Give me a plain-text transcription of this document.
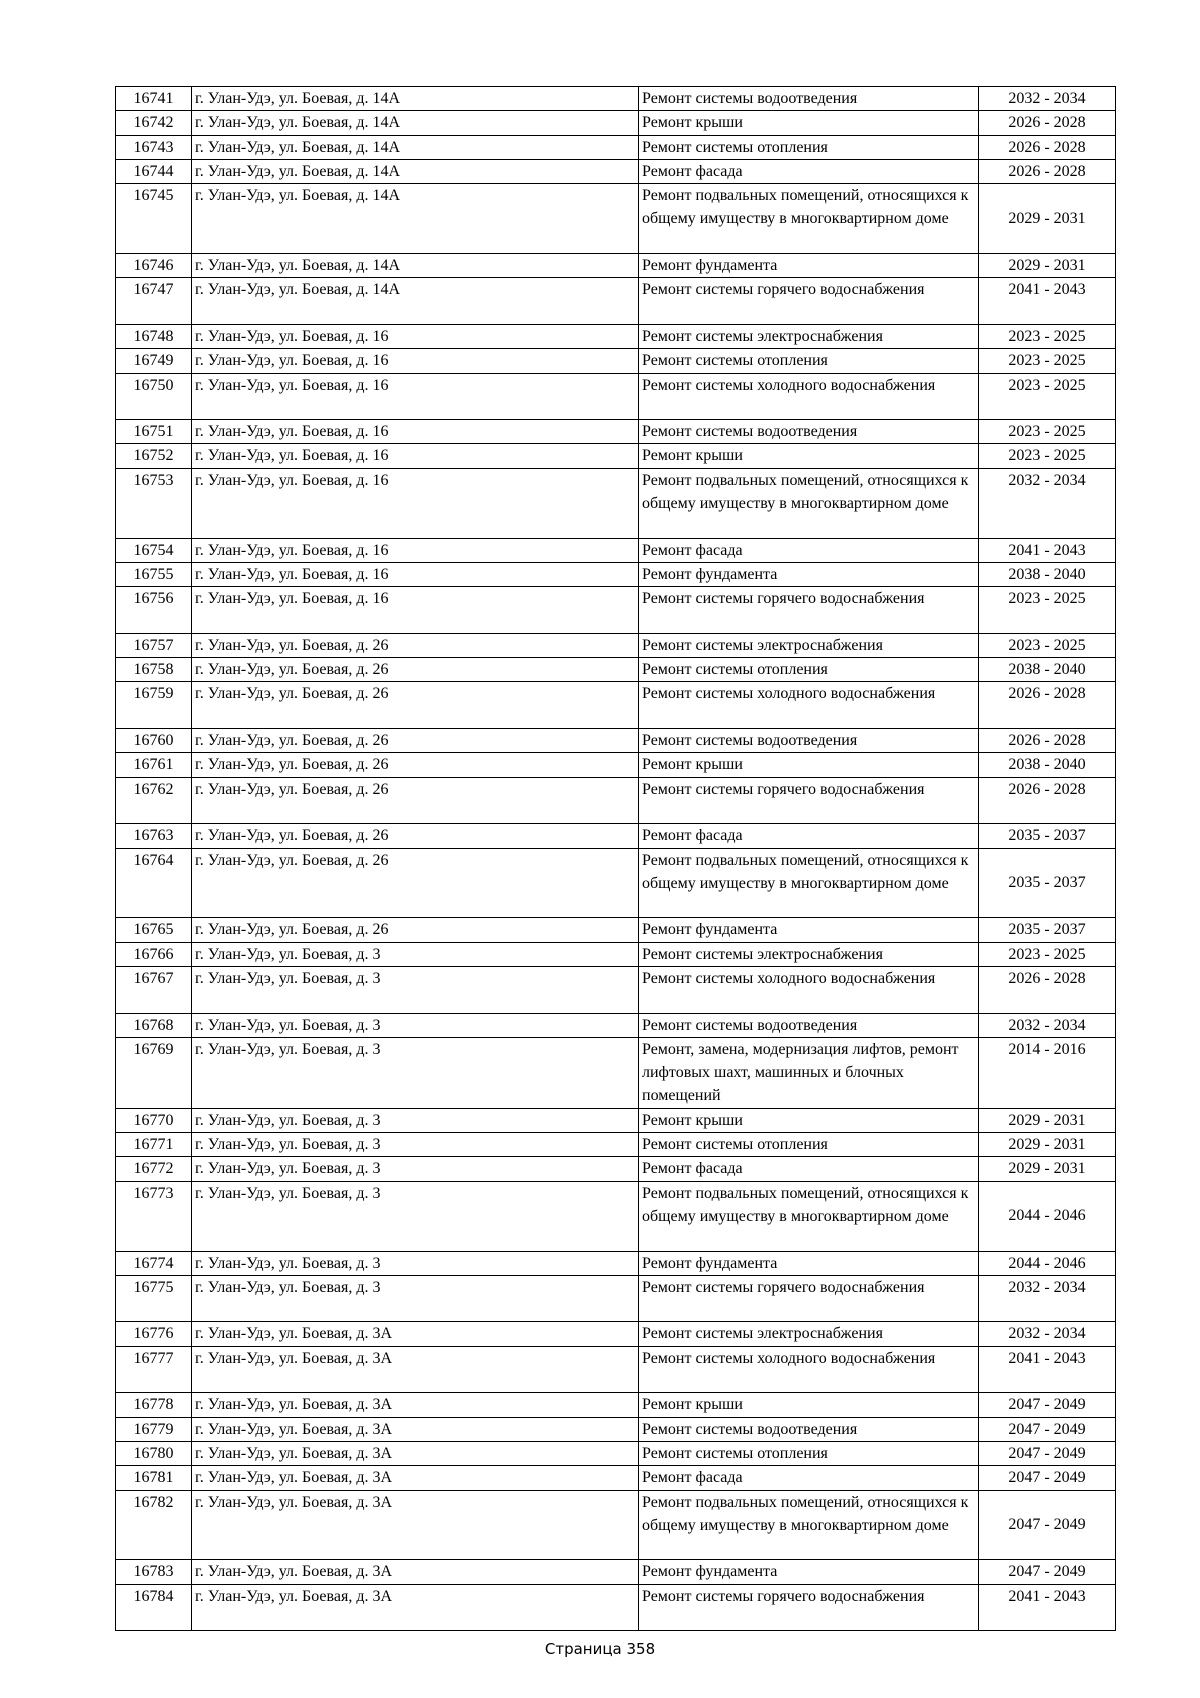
16741	г. Улан-Удэ, ул. Боевая, д. 14А	Ремонт системы водоотведения	2032 - 2034
16742	г. Улан-Удэ, ул. Боевая, д. 14А	Ремонт крыши	2026 - 2028
16743	г. Улан-Удэ, ул. Боевая, д. 14А	Ремонт системы отопления	2026 - 2028
16744	г. Улан-Удэ, ул. Боевая, д. 14А	Ремонт фасада	2026 - 2028
16745	г. Улан-Удэ, ул. Боевая, д. 14А	Ремонт подвальных помещений, относящихся к общему имуществу в многоквартирном доме	2029 - 2031
16746	г. Улан-Удэ, ул. Боевая, д. 14А	Ремонт фундамента	2029 - 2031
16747	г. Улан-Удэ, ул. Боевая, д. 14А	Ремонт системы горячего водоснабжения	2041 - 2043
16748	г. Улан-Удэ, ул. Боевая, д. 16	Ремонт системы электроснабжения	2023 - 2025
16749	г. Улан-Удэ, ул. Боевая, д. 16	Ремонт системы отопления	2023 - 2025
16750	г. Улан-Удэ, ул. Боевая, д. 16	Ремонт системы холодного водоснабжения	2023 - 2025
16751	г. Улан-Удэ, ул. Боевая, д. 16	Ремонт системы водоотведения	2023 - 2025
16752	г. Улан-Удэ, ул. Боевая, д. 16	Ремонт крыши	2023 - 2025
16753	г. Улан-Удэ, ул. Боевая, д. 16	Ремонт подвальных помещений, относящихся к общему имуществу в многоквартирном доме	2032 - 2034
16754	г. Улан-Удэ, ул. Боевая, д. 16	Ремонт фасада	2041 - 2043
16755	г. Улан-Удэ, ул. Боевая, д. 16	Ремонт фундамента	2038 - 2040
16756	г. Улан-Удэ, ул. Боевая, д. 16	Ремонт системы горячего водоснабжения	2023 - 2025
16757	г. Улан-Удэ, ул. Боевая, д. 26	Ремонт системы электроснабжения	2023 - 2025
16758	г. Улан-Удэ, ул. Боевая, д. 26	Ремонт системы отопления	2038 - 2040
16759	г. Улан-Удэ, ул. Боевая, д. 26	Ремонт системы холодного водоснабжения	2026 - 2028
16760	г. Улан-Удэ, ул. Боевая, д. 26	Ремонт системы водоотведения	2026 - 2028
16761	г. Улан-Удэ, ул. Боевая, д. 26	Ремонт крыши	2038 - 2040
16762	г. Улан-Удэ, ул. Боевая, д. 26	Ремонт системы горячего водоснабжения	2026 - 2028
16763	г. Улан-Удэ, ул. Боевая, д. 26	Ремонт фасада	2035 - 2037
16764	г. Улан-Удэ, ул. Боевая, д. 26	Ремонт подвальных помещений, относящихся к общему имуществу в многоквартирном доме	2035 - 2037
16765	г. Улан-Удэ, ул. Боевая, д. 26	Ремонт фундамента	2035 - 2037
16766	г. Улан-Удэ, ул. Боевая, д. 3	Ремонт системы электроснабжения	2023 - 2025
16767	г. Улан-Удэ, ул. Боевая, д. 3	Ремонт системы холодного водоснабжения	2026 - 2028
16768	г. Улан-Удэ, ул. Боевая, д. 3	Ремонт системы водоотведения	2032 - 2034
16769	г. Улан-Удэ, ул. Боевая, д. 3	Ремонт, замена, модернизация лифтов, ремонт лифтовых шахт, машинных и блочных помещений	2014 - 2016
16770	г. Улан-Удэ, ул. Боевая, д. 3	Ремонт крыши	2029 - 2031
16771	г. Улан-Удэ, ул. Боевая, д. 3	Ремонт системы отопления	2029 - 2031
16772	г. Улан-Удэ, ул. Боевая, д. 3	Ремонт фасада	2029 - 2031
16773	г. Улан-Удэ, ул. Боевая, д. 3	Ремонт подвальных помещений, относящихся к общему имуществу в многоквартирном доме	2044 - 2046
16774	г. Улан-Удэ, ул. Боевая, д. 3	Ремонт фундамента	2044 - 2046
16775	г. Улан-Удэ, ул. Боевая, д. 3	Ремонт системы горячего водоснабжения	2032 - 2034
16776	г. Улан-Удэ, ул. Боевая, д. 3А	Ремонт системы электроснабжения	2032 - 2034
16777	г. Улан-Удэ, ул. Боевая, д. 3А	Ремонт системы холодного водоснабжения	2041 - 2043
16778	г. Улан-Удэ, ул. Боевая, д. 3А	Ремонт крыши	2047 - 2049
16779	г. Улан-Удэ, ул. Боевая, д. 3А	Ремонт системы водоотведения	2047 - 2049
16780	г. Улан-Удэ, ул. Боевая, д. 3А	Ремонт системы отопления	2047 - 2049
16781	г. Улан-Удэ, ул. Боевая, д. 3А	Ремонт фасада	2047 - 2049
16782	г. Улан-Удэ, ул. Боевая, д. 3А	Ремонт подвальных помещений, относящихся к общему имуществу в многоквартирном доме	2047 - 2049
16783	г. Улан-Удэ, ул. Боевая, д. 3А	Ремонт фундамента	2047 - 2049
16784	г. Улан-Удэ, ул. Боевая, д. 3А	Ремонт системы горячего водоснабжения	2041 - 2043
Страница 358
